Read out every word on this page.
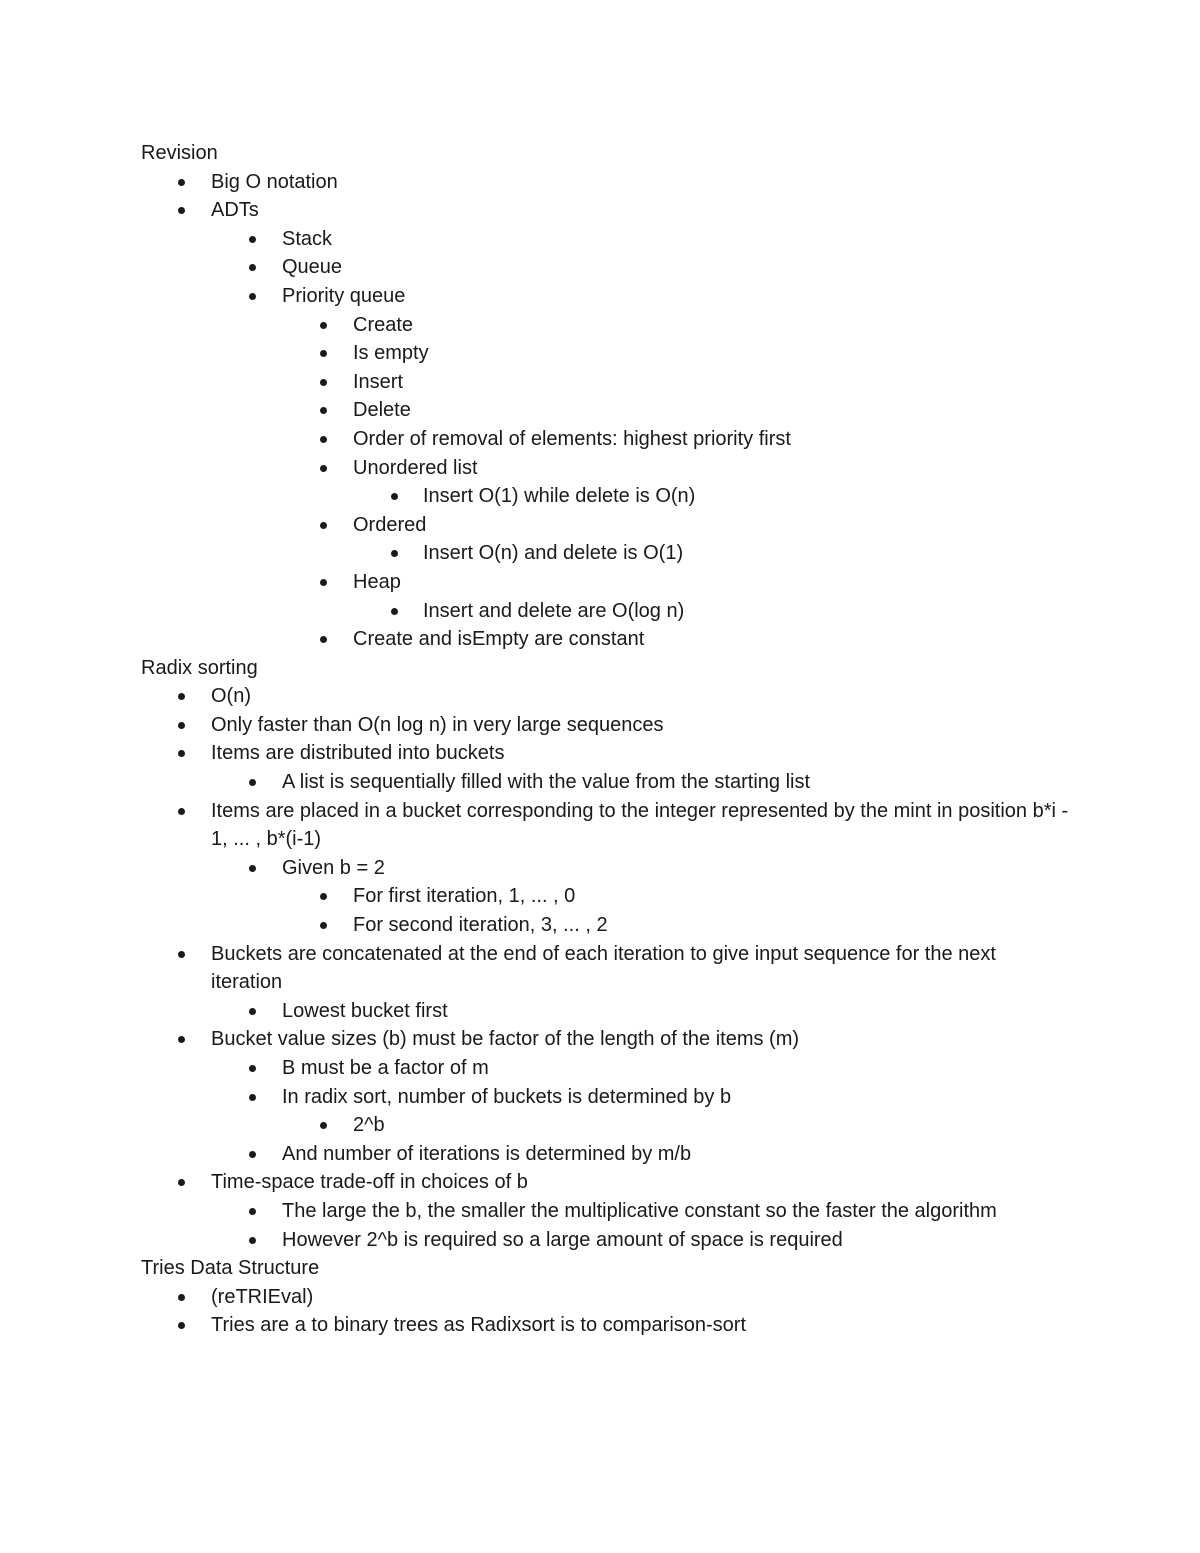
Revision
Big O notation
ADTs
Stack
Queue
Priority queue
Create
Is empty
Insert
Delete
Order of removal of elements: highest priority first
Unordered list
Insert O(1) while delete is O(n)
Ordered
Insert O(n) and delete is O(1)
Heap
Insert and delete are O(log n)
Create and isEmpty are constant
Radix sorting
O(n)
Only faster than O(n log n) in very large sequences
Items are distributed into buckets
A list is sequentially filled with the value from the starting list
Items are placed in a bucket corresponding to the integer represented by the mint in position b*i - 1, ... , b*(i-1)
Given b = 2
For first iteration, 1, ... , 0
For second iteration, 3, ... , 2
Buckets are concatenated at the end of each iteration to give input sequence for the next iteration
Lowest bucket first
Bucket value sizes (b) must be factor of the length of the items (m)
B must be a factor of m
In radix sort, number of buckets is determined by b
2^b
And number of iterations is determined by m/b
Time-space trade-off in choices of b
The large the b, the smaller the multiplicative constant so the faster the algorithm
However 2^b is required so a large amount of space is required
Tries Data Structure
(reTRIEval)
Tries are a to binary trees as Radixsort is to comparison-sort
